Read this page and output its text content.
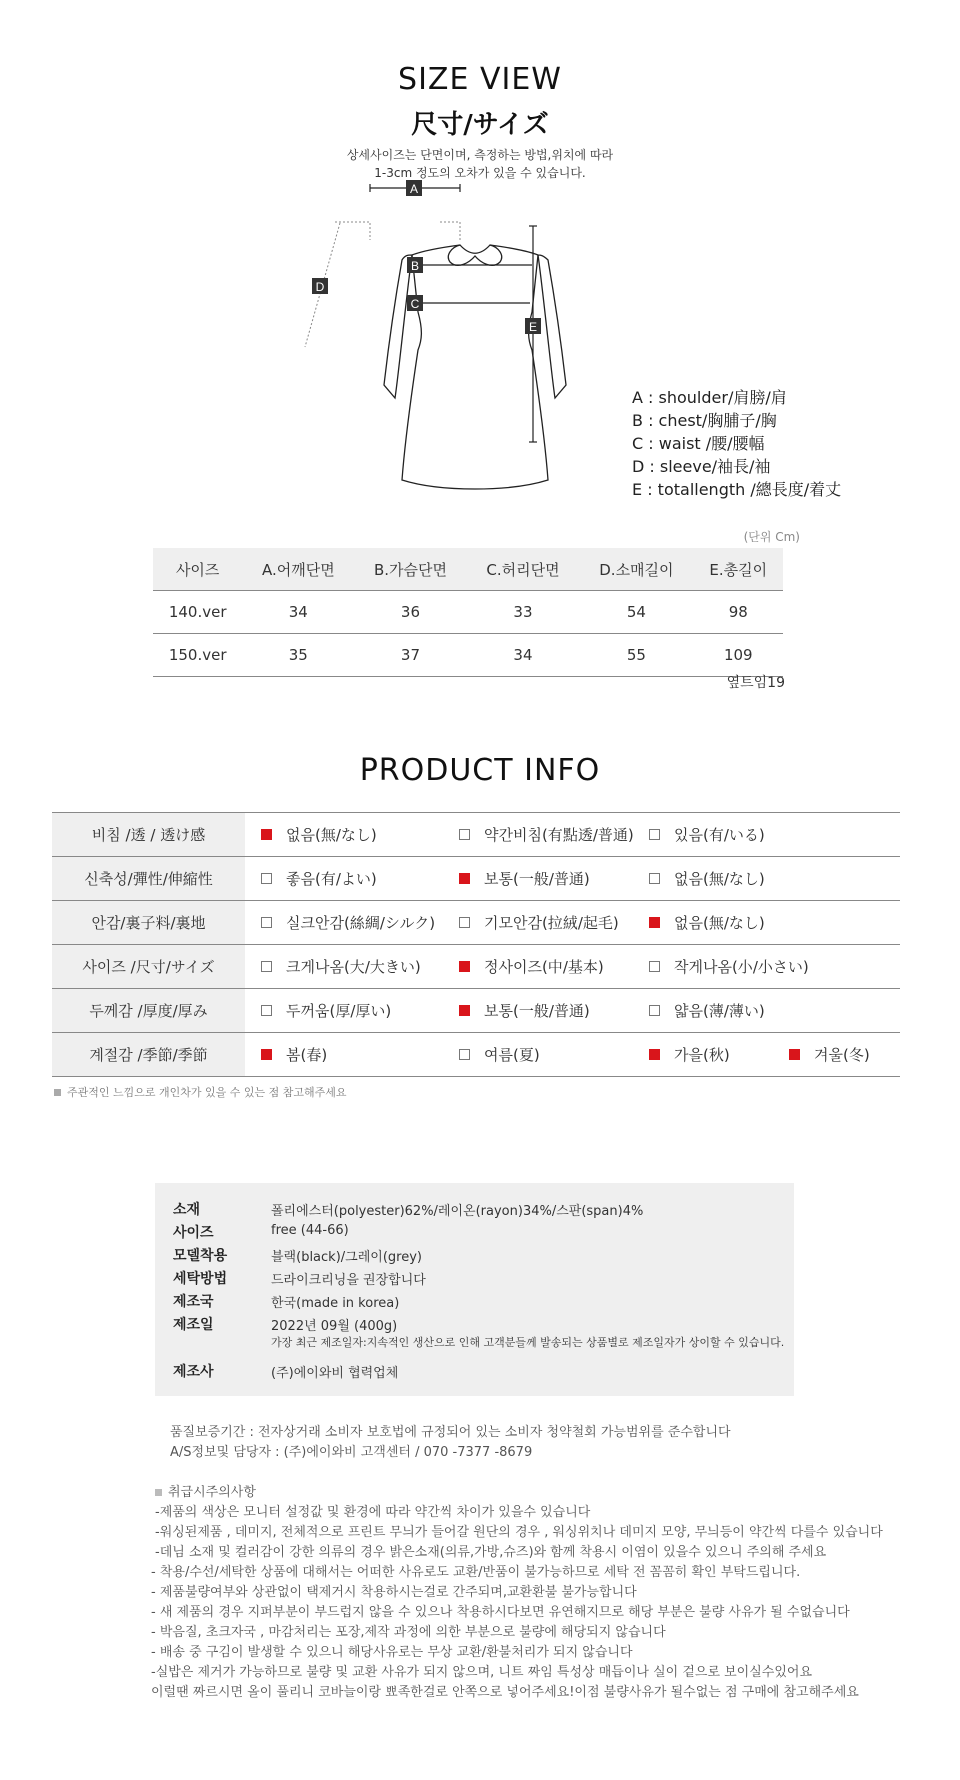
SIZE VIEW
尺寸/サイズ
상세사이즈는 단면이며, 측정하는 방법,위치에 따라
1-3cm 정도의 오차가 있을 수 있습니다.
A
B
C
D
E
A : shoulder/肩膀/肩
B : chest/胸脯子/胸
C : waist /腰/腰幅
D : sleeve/袖長/袖
E : totallength /總長度/着丈
(단위 Cm)
사이즈	A.어깨단면	B.가슴단면	C.허리단면	D.소매길이	E.총길이
140.ver	34	36	33	54	98
150.ver	35	37	34	55	109
옆트임19
PRODUCT INFO
비침 /透 / 透け感	없음(無/なし) 약간비침(有點透/普通) 있음(有/いる)

신축성/彈性/伸縮性	좋음(有/よい) 보통(一般/普通) 없음(無/なし)

안감/裏子料/裏地	실크안감(絲綢/シルク) 기모안감(拉絨/起毛) 없음(無/なし)

사이즈 /尺寸/サイズ	크게나옴(大/大きい) 정사이즈(中/基本) 작게나옴(小/小さい)

두께감 /厚度/厚み	두꺼움(厚/厚い) 보통(一般/普通) 얇음(薄/薄い)

계절감 /季節/季節	봄(春) 여름(夏) 가을(秋) 겨울(冬)
주관적인 느낌으로 개인차가 있을 수 있는 점 참고해주세요
소재	폴리에스터(polyester)62%/레이온(rayon)34%/스판(span)4%
사이즈	free (44-66)
모델착용	블랙(black)/그레이(grey)
세탁방법	드라이크리닝을 권장합니다
제조국	한국(made in korea)
제조일	2022년 09월 (400g)
가장 최근 제조일자:지속적인 생산으로 인해 고객분들께 발송되는 상품별로 제조일자가 상이할 수 있습니다.
제조사	(주)에이와비 협력업체
품질보증기간 : 전자상거래 소비자 보호법에 규정되어 있는 소비자 청약철회 가능범위를 준수합니다
A/S정보및 담당자 : (주)에이와비 고객센터 / 070 -7377 -8679
취급시주의사항
-제품의 색상은 모니터 설정값 및 환경에 따라 약간씩 차이가 있을수 있습니다
-워싱된제품 , 데미지, 전체적으로 프린트 무늬가 들어갈 원단의 경우 , 워싱위치나 데미지 모양, 무늬등이 약간씩 다를수 있습니다
-데님 소재 및 컬러감이 강한 의류의 경우 밝은소재(의류,가방,슈즈)와 함께 착용시 이염이 있을수 있으니 주의해 주세요
- 착용/수선/세탁한 상품에 대해서는 어떠한 사유로도 교환/반품이 불가능하므로 세탁 전 꼼꼼히 확인 부탁드립니다.
- 제품불량여부와 상관없이 택제거시 착용하시는걸로 간주되며,교환환불 불가능합니다
- 새 제품의 경우 지퍼부분이 부드럽지 않을 수 있으나 착용하시다보면 유연해지므로 해당 부분은 불량 사유가 될 수없습니다
- 박음질, 초크자국 , 마감처리는 포장,제작 과정에 의한 부분으로 불량에 해당되지 않습니다
- 배송 중 구김이 발생할 수 있으니 해당사유로는 무상 교환/환불처리가 되지 않습니다
-실밥은 제거가 가능하므로 불량 및 교환 사유가 되지 않으며, 니트 짜임 특성상 매듭이나 실이 겉으로 보이실수있어요
이럴땐 짜르시면 올이 풀리니 코바늘이랑 뾰족한걸로 안쪽으로 넣어주세요!이점 불량사유가 될수없는 점 구매에 참고해주세요
